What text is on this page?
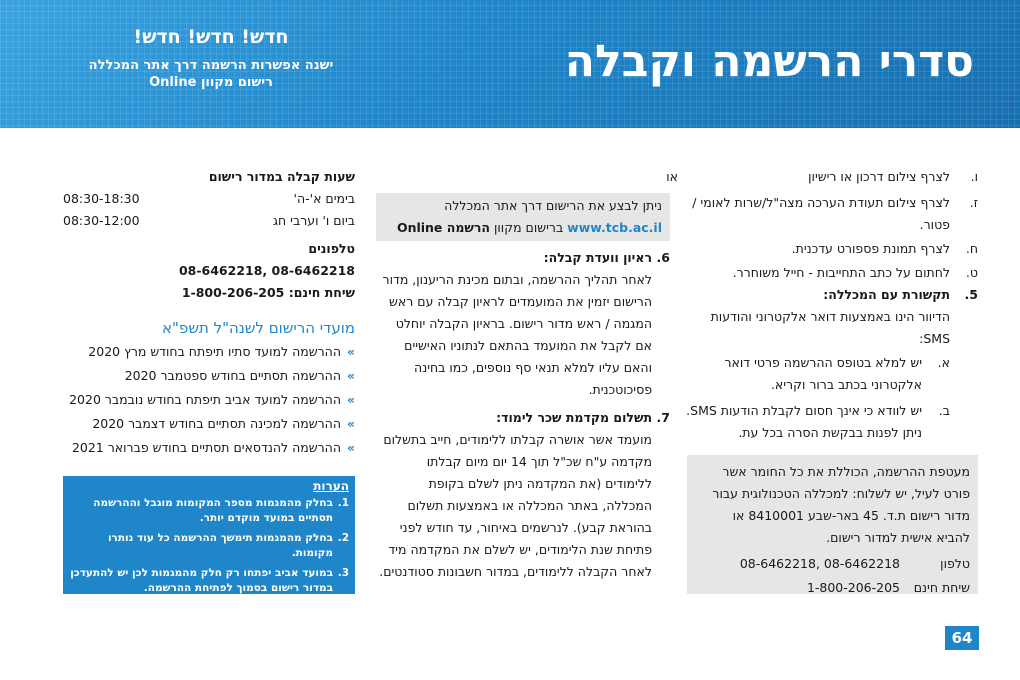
סדרי הרשמה וקבלה
חדש! חדש! חדש!
ישנה אפשרות הרשמה דרך אתר המכללה
רישום מקוון Online
ו.
לצרף צילום דרכון או רישיון
ז.
לצרף צילום תעודת הערכה מצה"ל/שרות לאומי / פטור.
ח.
לצרף תמונת פספורט עדכנית.
ט.
לחתום על כתב התחייבות - חייל משוחרר.
5.
תקשורת עם המכללה:
הדיוור הינו באמצעות דואר אלקטרוני והודעות SMS:
א.
יש למלא בטופס ההרשמה פרטי דואר אלקטרוני בכתב ברור וקריא.
ב.
יש לוודא כי אינך חסום לקבלת הודעות SMS. ניתן לפנות בבקשת הסרה בכל עת.
מעטפת ההרשמה, הכוללת את כל החומר אשר פורט לעיל, יש לשלוח: למכללה הטכנולוגית עבור מדור רישום ת.ד. 45 באר-שבע 8410001 או להביא אישית למדור רישום.
טלפון
08-6462218 ,08-6462218
שיחת חינם
1-800-206-205
או
ניתן לבצע את הרישום דרך אתר המכללה www.tcb.ac.il ברישום מקוון הרשמה Online
6.
ראיון וועדת קבלה:
לאחר תהליך ההרשמה, ובתום מכינת הריענון, מדור הרישום יזמין את המועמדים לראיון קבלה עם ראש המגמה / ראש מדור רישום. בראיון הקבלה יוחלט אם לקבל את המועמד בהתאם לנתוניו האישיים והאם עליו למלא תנאי סף נוספים, כמו בחינה פסיכוטכנית.
7.
תשלום מקדמת שכר לימוד:
מועמד אשר אושרה קבלתו ללימודים, חייב בתשלום מקדמה ע"ח שכ"ל תוך 14 יום מיום קבלתו ללימודים (את המקדמה ניתן לשלם בקופת המכללה, באתר המכללה או באמצעות תשלום בהוראת קבע). לנרשמים באיחור, עד חודש לפני פתיחת שנת הלימודים, יש לשלם את המקדמה מיד לאחר הקבלה ללימודים, במדור חשבונות סטודנטים.
שעות קבלה במדור רישום
בימים א'-ה'
08:30-18:30
ביום ו' וערבי חג
08:30-12:00
טלפונים
08-6462218 ,08-6462218
שיחת חינם: 1-800-206-205
מועדי הרישום לשנה"ל תשפ"א
»
ההרשמה למועד סתיו תיפתח בחודש מרץ 2020
»
ההרשמה תסתיים בחודש ספטמבר 2020
»
ההרשמה למועד אביב תיפתח בחודש נובמבר 2020
»
ההרשמה למכינה תסתיים בחודש דצמבר 2020
»
ההרשמה להנדסאים תסתיים בחודש פברואר 2021
הערות
1.
בחלק מהמגמות מספר המקומות מוגבל וההרשמה תסתיים במועד מוקדם יותר.
2.
בחלק מהמגמות תימשך ההרשמה כל עוד נותרו מקומות.
3.
במועד אביב יפתחו רק חלק מהמגמות לכן יש להתעדכן במדור רישום בסמוך לפתיחת ההרשמה.
4.
פתיחת הקורסים מותנים במספר נרשמים מינימאלי ע"פ נהלי מה"ט.
64
